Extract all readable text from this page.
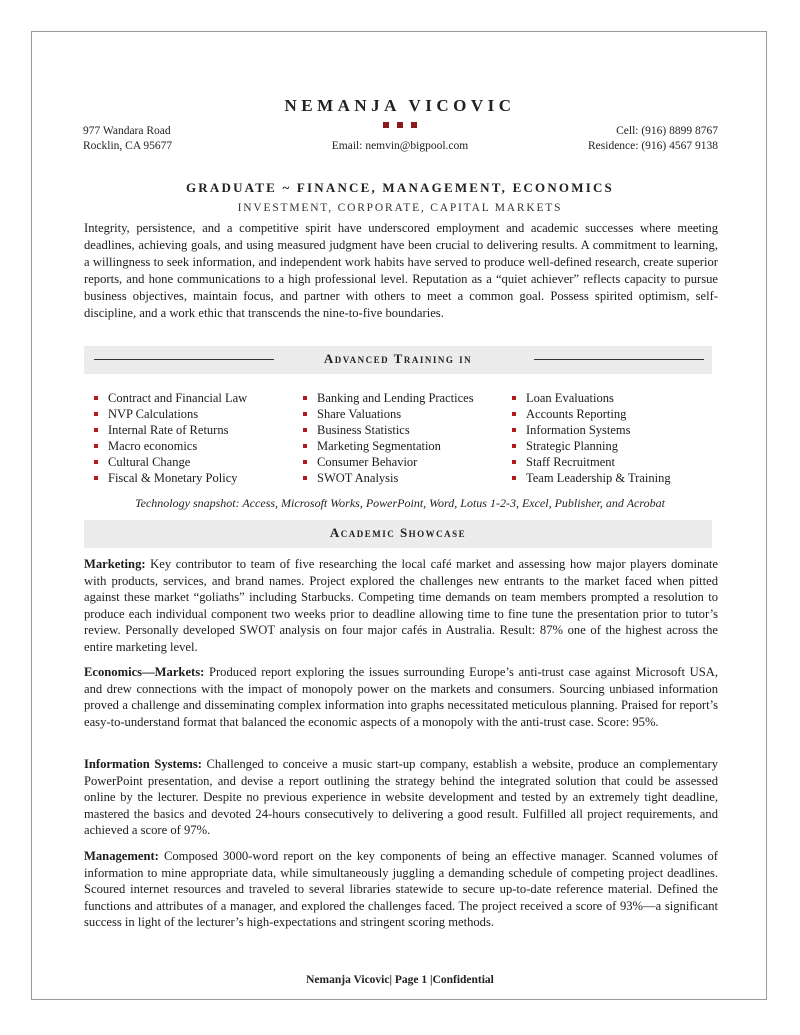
NEMANJA VICOVIC
977 Wandara Road
Rocklin, CA 95677	Email: nemvin@bigpool.com
Cell: (916) 8899 8767
Residence: (916) 4567 9138
GRADUATE ~ FINANCE, MANAGEMENT, ECONOMICS
INVESTMENT, CORPORATE, CAPITAL MARKETS
Integrity, persistence, and a competitive spirit have underscored employment and academic successes where meeting deadlines, achieving goals, and using measured judgment have been crucial to delivering results. A commitment to learning, a willingness to seek information, and independent work habits have served to produce well-defined research, create superior reports, and hone communications to a high professional level. Reputation as a “quiet achiever” reflects capacity to pursue business objectives, maintain focus, and partner with others to meet a common goal. Possess spirited optimism, self-discipline, and a work ethic that transcends the nine-to-five boundaries.
Advanced Training in
Contract and Financial Law
NVP Calculations
Internal Rate of Returns
Macro economics
Cultural Change
Fiscal & Monetary Policy
Banking and Lending Practices
Share Valuations
Business Statistics
Marketing Segmentation
Consumer Behavior
SWOT Analysis
Loan Evaluations
Accounts Reporting
Information Systems
Strategic Planning
Staff Recruitment
Team Leadership & Training
Technology snapshot: Access, Microsoft Works, PowerPoint, Word, Lotus 1-2-3, Excel, Publisher, and Acrobat
Academic Showcase
Marketing: Key contributor to team of five researching the local café market and assessing how major players dominate with products, services, and brand names. Project explored the challenges new entrants to the market faced when pitted against these market “goliaths” including Starbucks. Competing time demands on team members prompted a resolution to produce each individual component two weeks prior to deadline allowing time to fine tune the presentation prior to tutor’s review. Personally developed SWOT analysis on four major cafés in Australia. Result: 87% one of the highest across the entire marketing level.
Economics—Markets: Produced report exploring the issues surrounding Europe’s anti-trust case against Microsoft USA, and drew connections with the impact of monopoly power on the markets and consumers. Sourcing unbiased information proved a challenge and disseminating complex information into graphs necessitated meticulous planning. Praised for report’s easy-to-understand format that balanced the economic aspects of a monopoly with the anti-trust case. Score: 95%.
Information Systems: Challenged to conceive a music start-up company, establish a website, produce an complementary PowerPoint presentation, and devise a report outlining the strategy behind the integrated solution that could be assessed online by the lecturer. Despite no previous experience in website development and tested by an extremely tight deadline, mastered the basics and devoted 24-hours consecutively to delivering a good result. Fulfilled all project requirements, and achieved a score of 97%.
Management: Composed 3000-word report on the key components of being an effective manager. Scanned volumes of information to mine appropriate data, while simultaneously juggling a demanding schedule of competing project deadlines. Scoured internet resources and traveled to several libraries statewide to secure up-to-date reference material. Defined the functions and attributes of a manager, and explored the challenges faced. The project received a score of 93%—a significant success in light of the lecturer’s high-expectations and stringent scoring methods.
Nemanja Vicovic| Page 1 |Confidential
